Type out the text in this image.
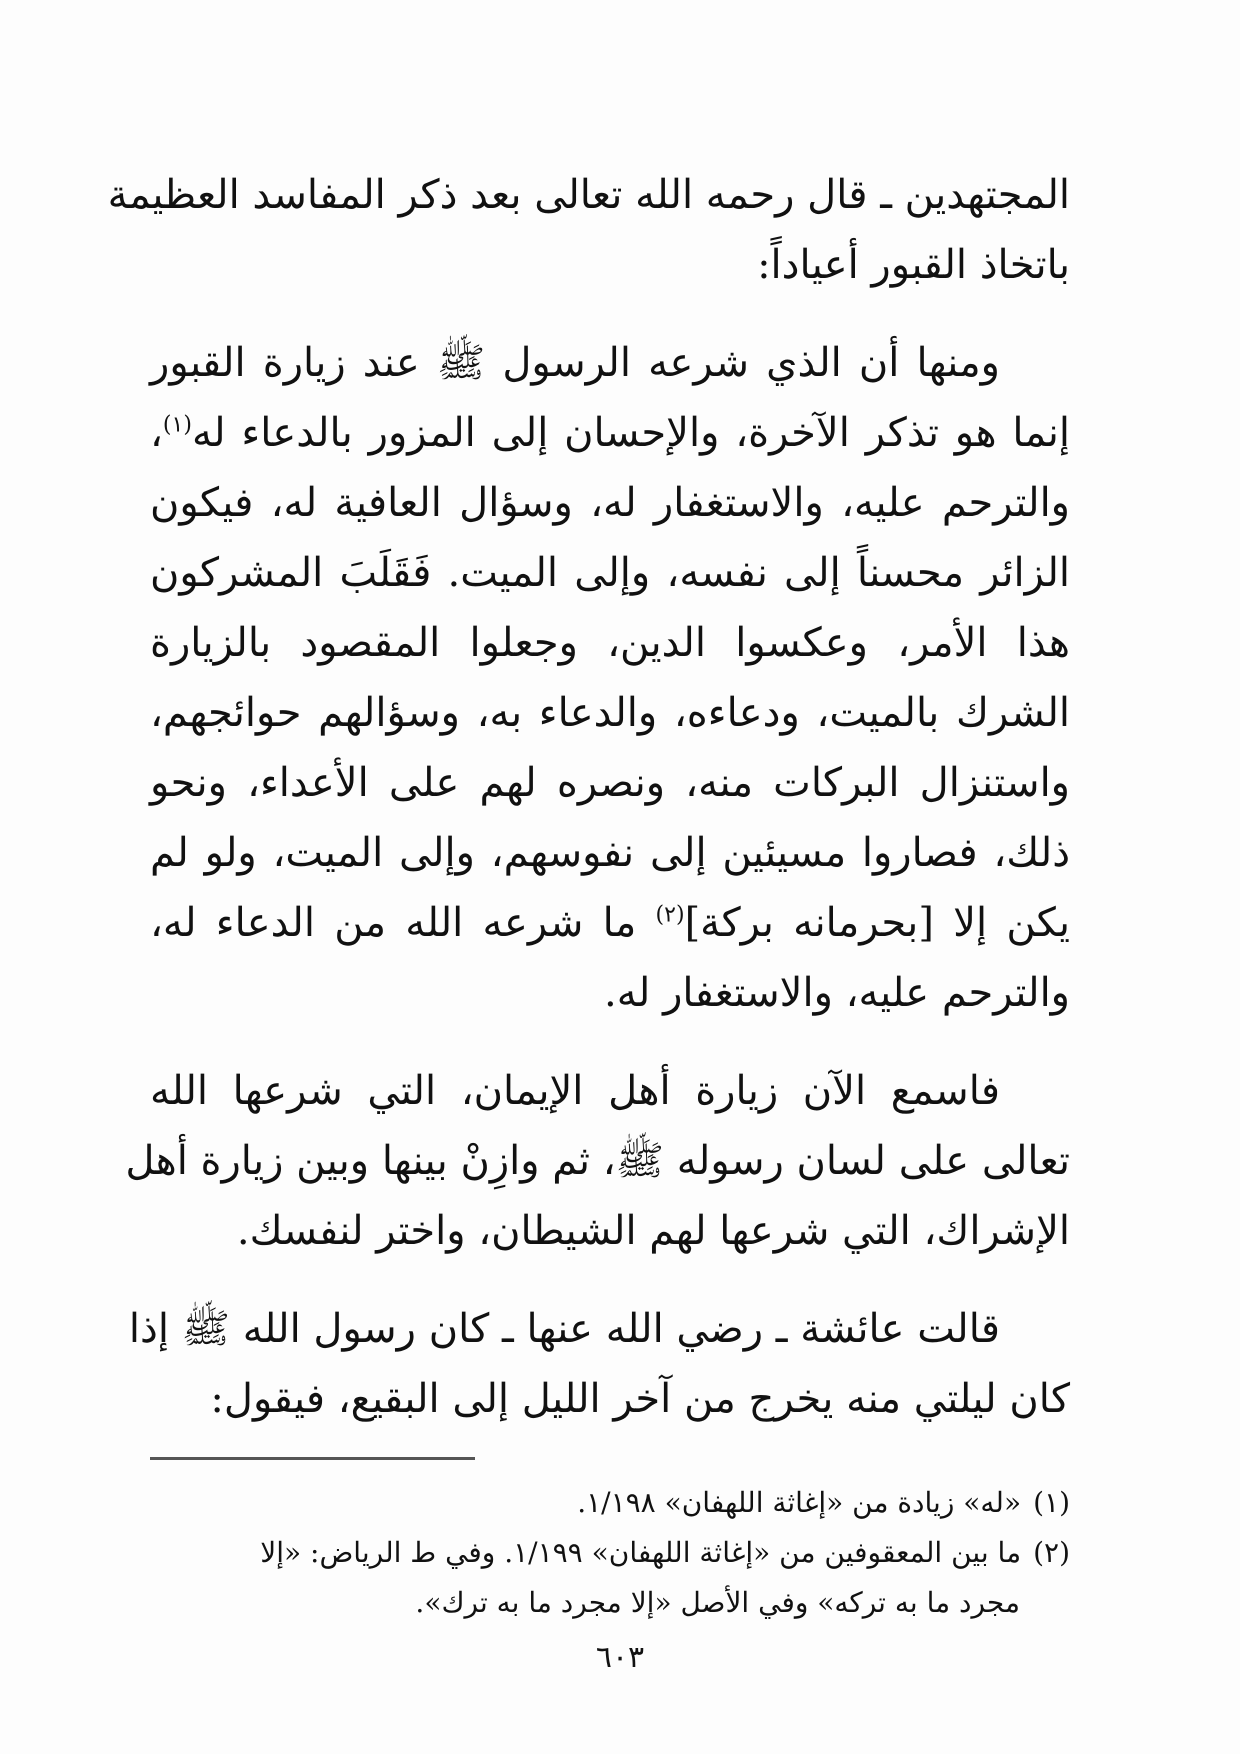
المجتهدين ـ قال رحمه الله تعالى بعد ذكر المفاسد العظيمة
باتخاذ القبور أعياداً:

ومنها أن الذي شرعه الرسول ﷺ عند زيارة القبور
إنما هو تذكر الآخرة، والإحسان إلى المزور بالدعاء له$^{(١)}$،
والترحم عليه، والاستغفار له، وسؤال العافية له، فيكون
الزائر محسناً إلى نفسه، وإلى الميت. فَقَلَبَ المشركون
هذا الأمر، وعكسوا الدين، وجعلوا المقصود بالزيارة
الشرك بالميت، ودعاءه، والدعاء به، وسؤالهم حوائجهم،
واستنزال البركات منه، ونصره لهم على الأعداء، ونحو
ذلك، فصاروا مسيئين إلى نفوسهم، وإلى الميت، ولو لم
يكن إلا [بحرمانه بركة]$^{(٢)}$ ما شرعه الله من الدعاء له،
والترحم عليه، والاستغفار له.

فاسمع الآن زيارة أهل الإيمان، التي شرعها الله
تعالى على لسان رسوله ﷺ، ثم وازِنْ بينها وبين زيارة أهل
الإشراك، التي شرعها لهم الشيطان، واختر لنفسك.

قالت عائشة ـ رضي الله عنها ـ كان رسول الله ﷺ إذا
كان ليلتي منه يخرج من آخر الليل إلى البقيع، فيقول:

(١)«له» زيادة من «إغاثة اللهفان» ١/١٩٨.

(٢)ما بين المعقوفين من «إغاثة اللهفان» ١/١٩٩. وفي ط الرياض: «إلا
مجرد ما به تركه» وفي الأصل «إلا مجرد ما به ترك».

٦٠٣
